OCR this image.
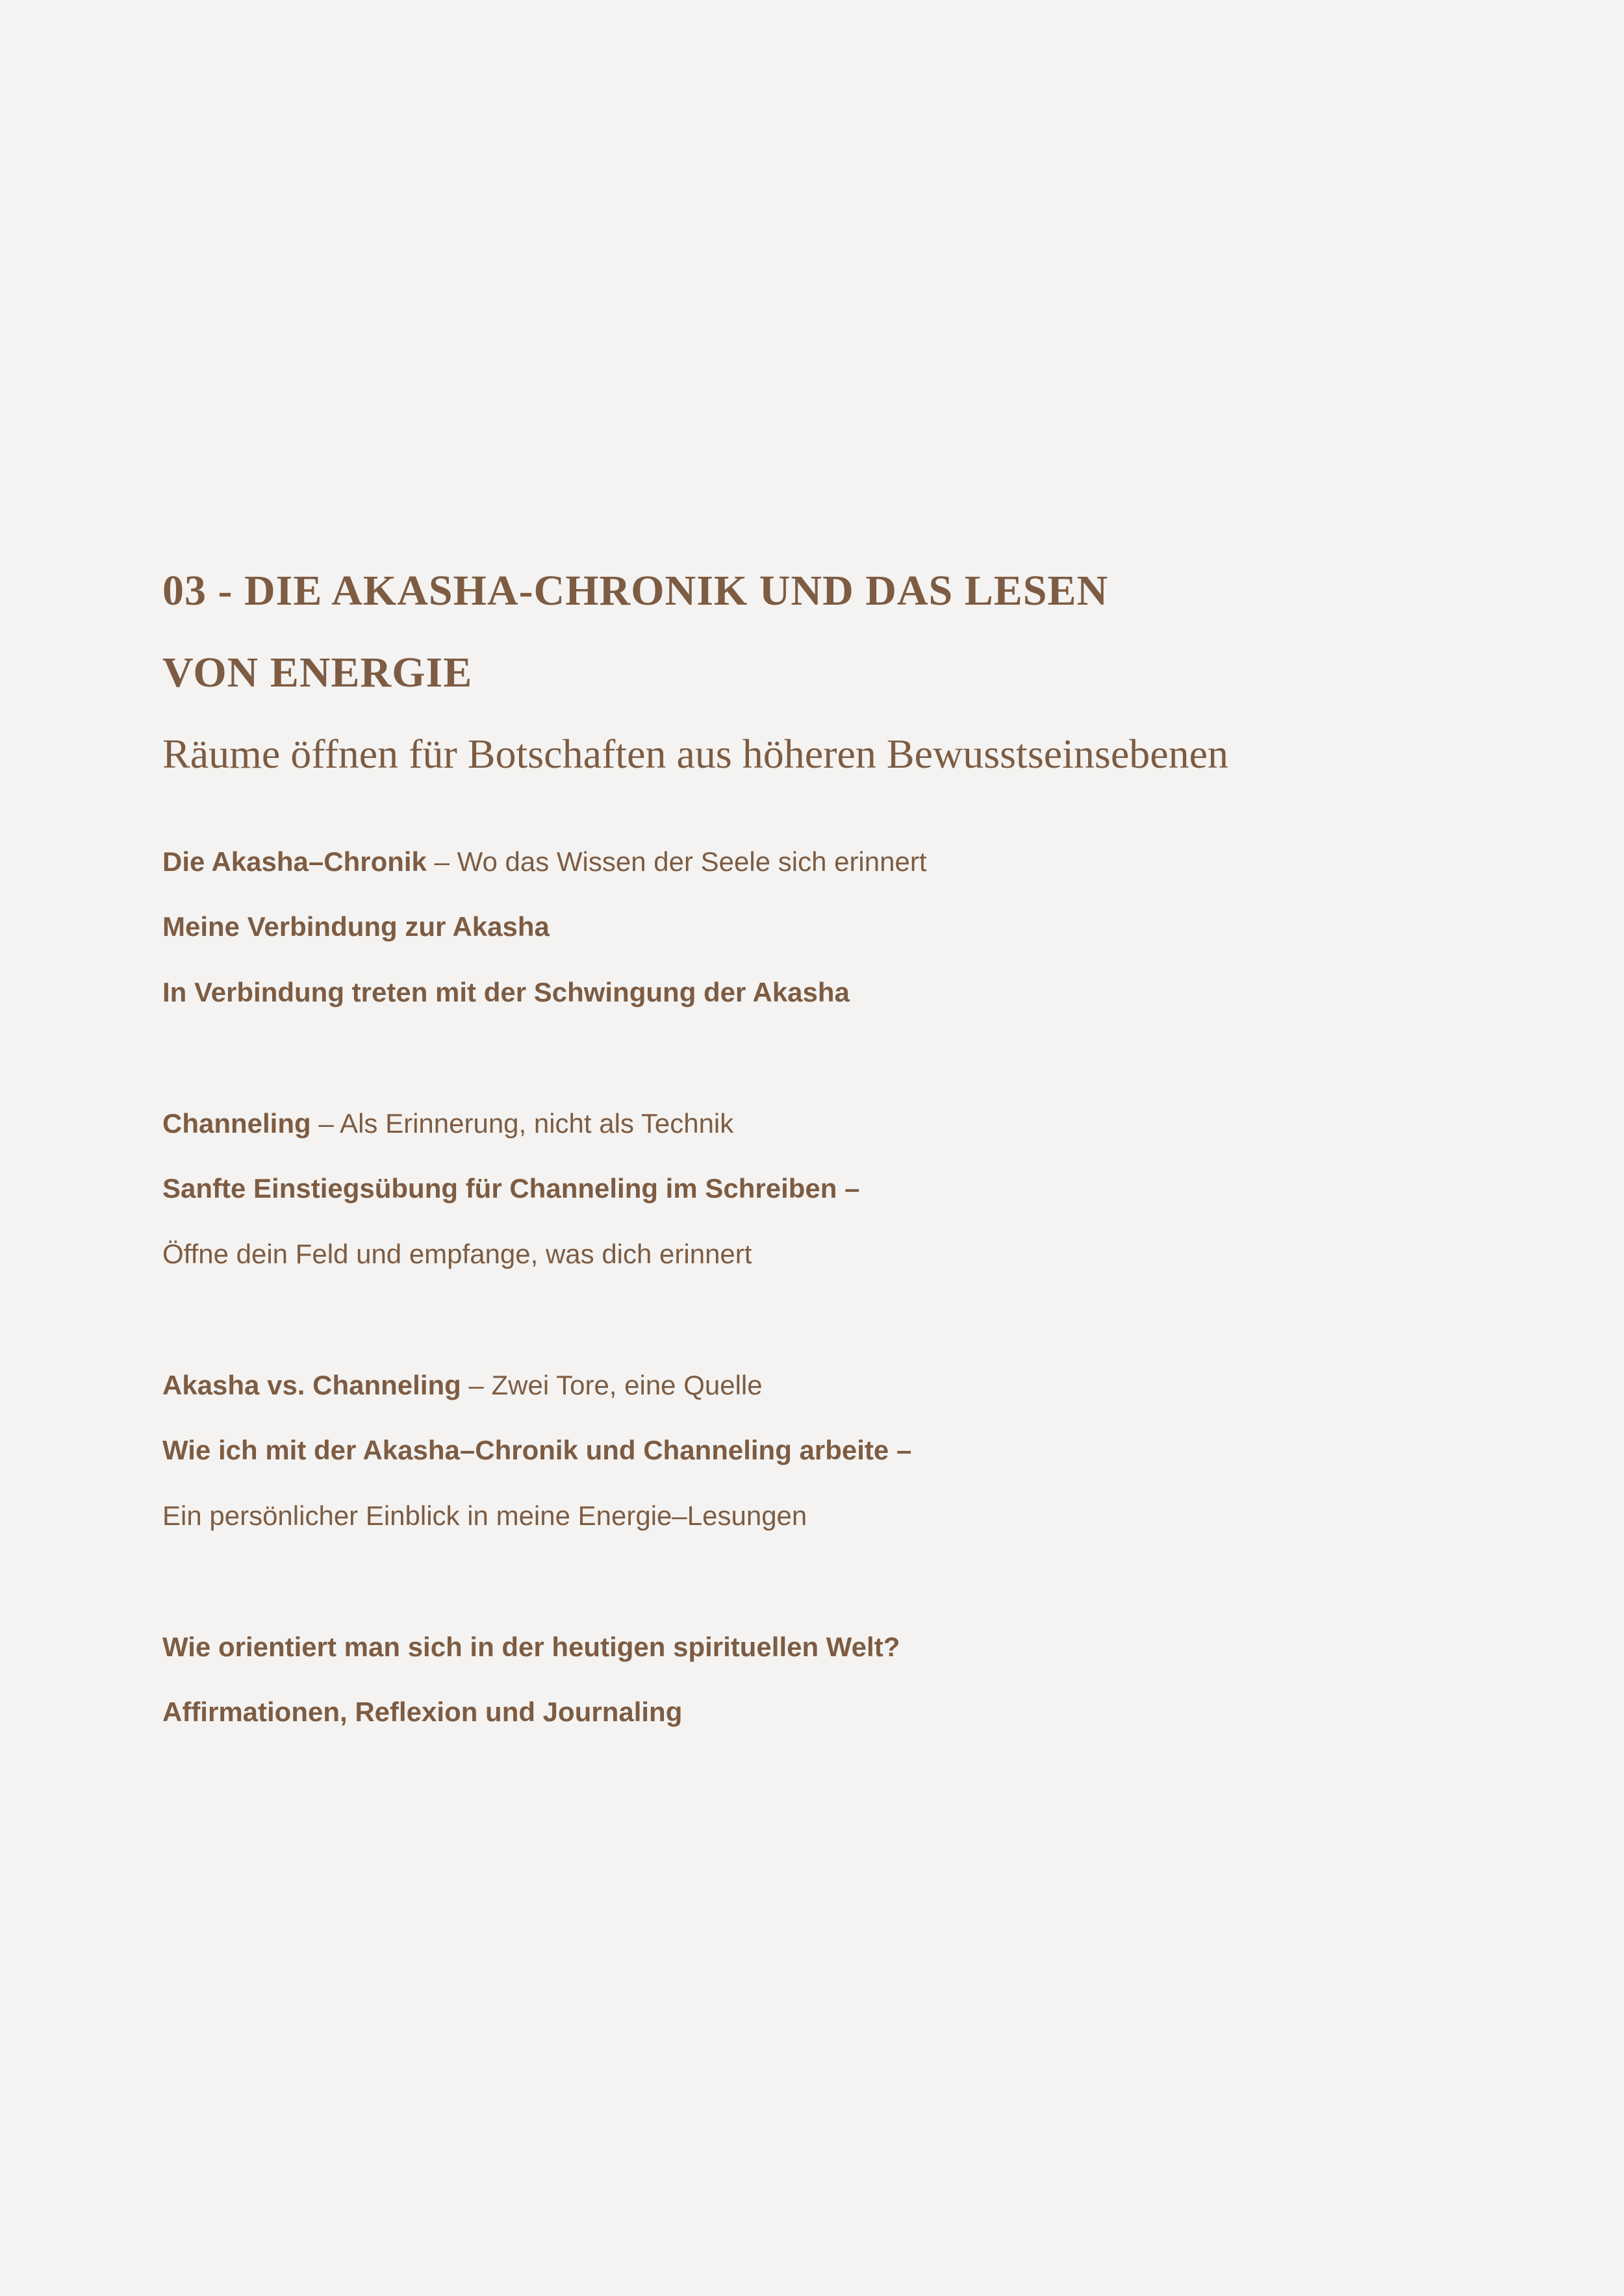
03 - DIE AKASHA-CHRONIK UND DAS LESEN
VON ENERGIE
Räume öffnen für Botschaften aus höheren Bewusstseinsebenen
Die Akasha–Chronik – Wo das Wissen der Seele sich erinnert
Meine Verbindung zur Akasha
In Verbindung treten mit der Schwingung der Akasha
Channeling – Als Erinnerung, nicht als Technik
Sanfte Einstiegsübung für Channeling im Schreiben –
Öffne dein Feld und empfange, was dich erinnert
Akasha vs. Channeling – Zwei Tore, eine Quelle
Wie ich mit der Akasha–Chronik und Channeling arbeite –
Ein persönlicher Einblick in meine Energie–Lesungen
Wie orientiert man sich in der heutigen spirituellen Welt?
Affirmationen, Reflexion und Journaling
